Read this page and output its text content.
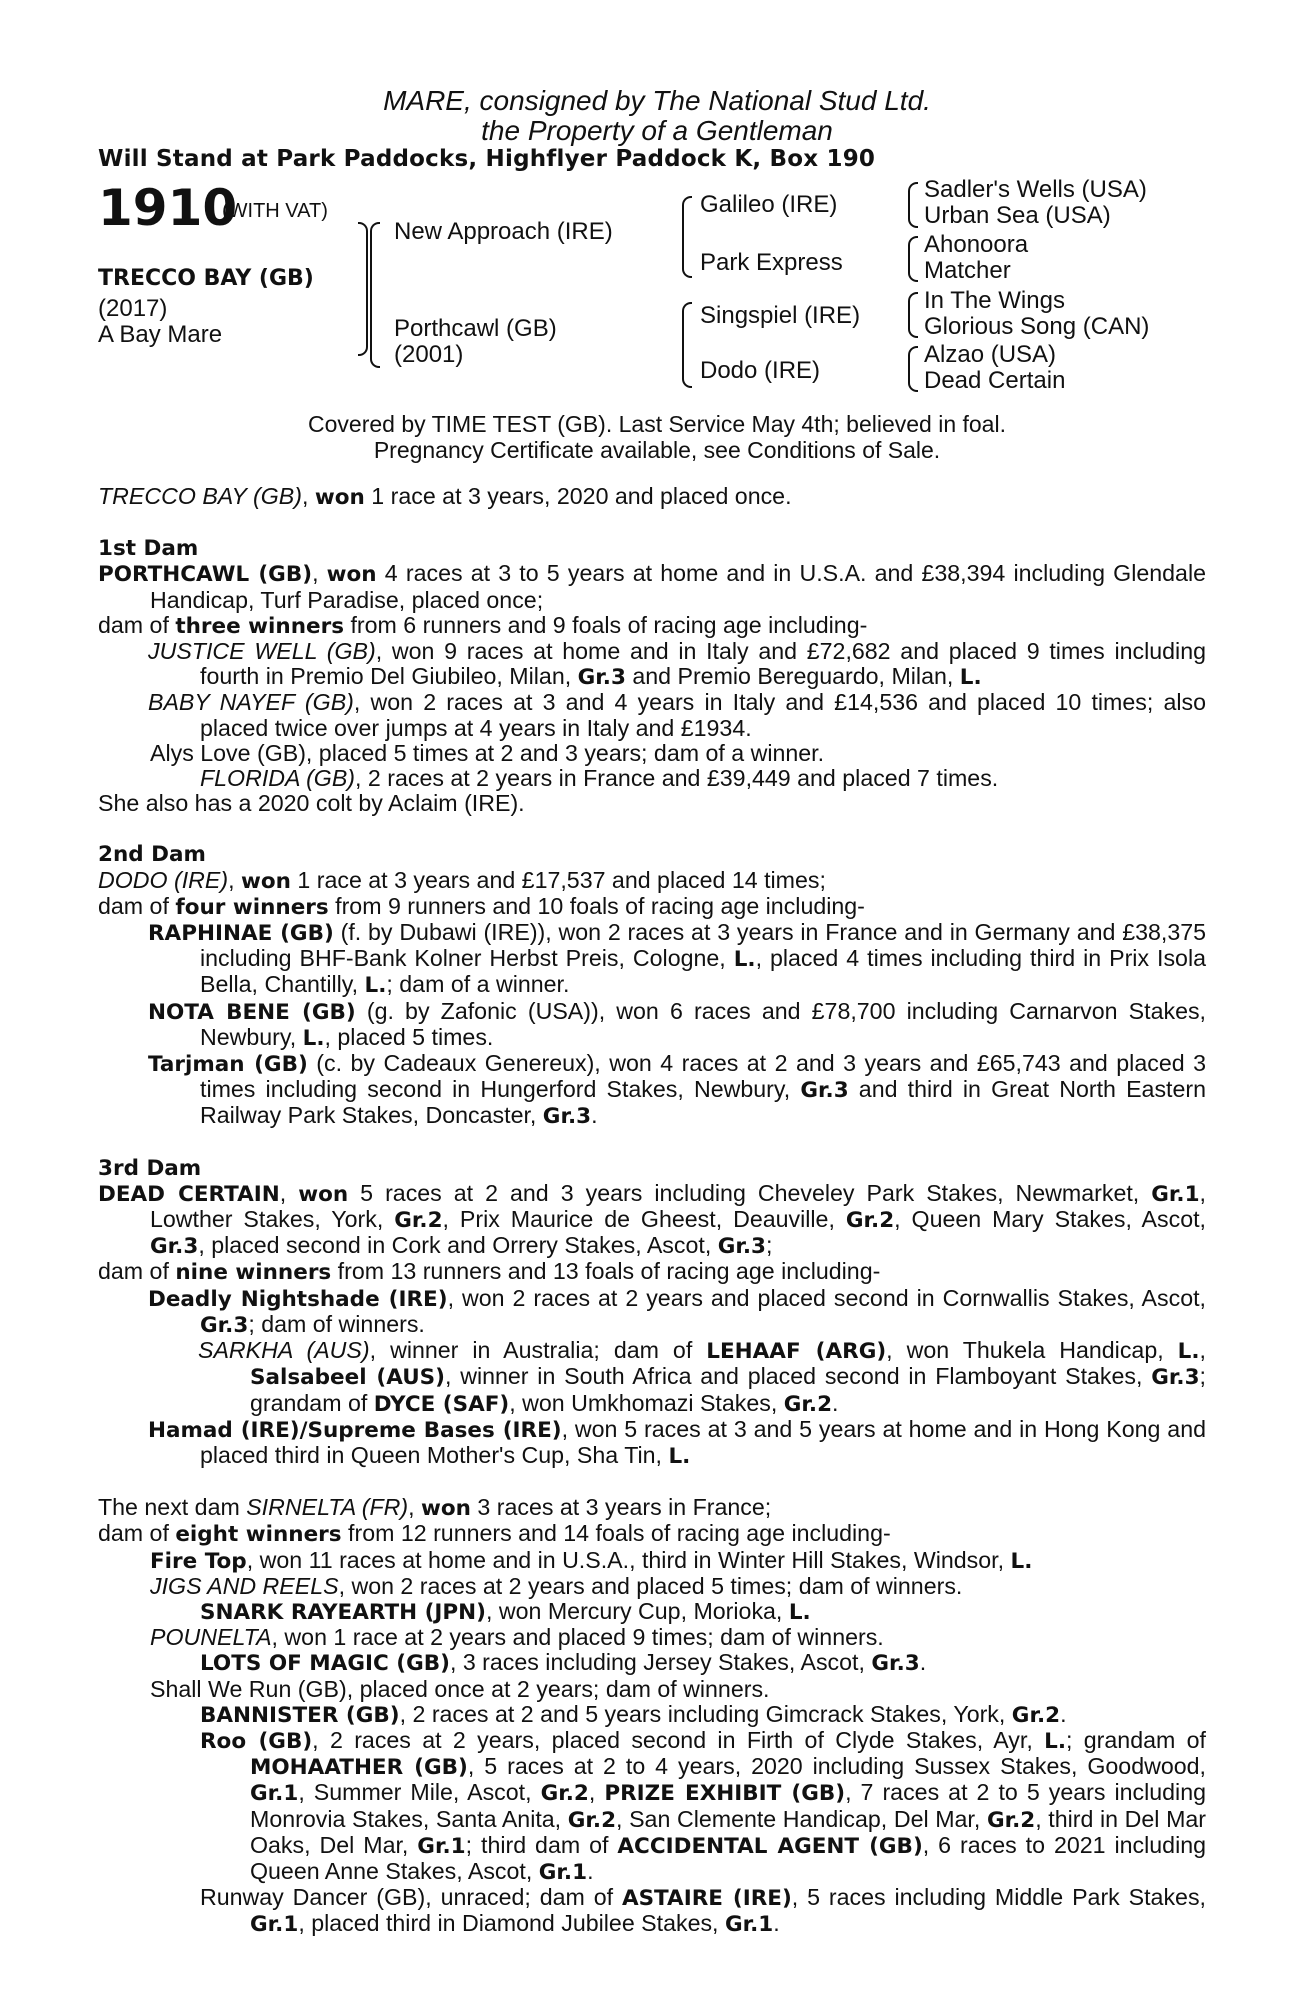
MARE, consigned by The National Stud Ltd.
the Property of a Gentleman
Will Stand at Park Paddocks, Highflyer Paddock K, Box 190
1910
(WITH VAT)
TRECCO BAY (GB)
(2017)
A Bay Mare
New Approach (IRE)
Porthcawl (GB)
(2001)
Galileo (IRE)
Park Express
Singspiel (IRE)
Dodo (IRE)
Sadler's Wells (USA)
Urban Sea (USA)
Ahonoora
Matcher
In The Wings
Glorious Song (CAN)
Alzao (USA)
Dead Certain
Covered by TIME TEST (GB). Last Service May 4th; believed in foal.
Pregnancy Certificate available, see Conditions of Sale.

TRECCO BAY (GB), won 1 race at 3 years, 2020 and placed once.

1st Dam

PORTHCAWL (GB), won 4 races at 3 to 5 years at home and in U.S.A. and £38,394 including Glendale Handicap, Turf Paradise, placed once;

dam of three winners from 6 runners and 9 foals of racing age including-

JUSTICE WELL (GB), won 9 races at home and in Italy and £72,682 and placed 9 times including fourth in Premio Del Giubileo, Milan, Gr.3 and Premio Bereguardo, Milan, L.

BABY NAYEF (GB), won 2 races at 3 and 4 years in Italy and £14,536 and placed 10 times; also placed twice over jumps at 4 years in Italy and £1934.

Alys Love (GB), placed 5 times at 2 and 3 years; dam of a winner.

FLORIDA (GB), 2 races at 2 years in France and £39,449 and placed 7 times.

She also has a 2020 colt by Aclaim (IRE).

2nd Dam

DODO (IRE), won 1 race at 3 years and £17,537 and placed 14 times;

dam of four winners from 9 runners and 10 foals of racing age including-

RAPHINAE (GB) (f. by Dubawi (IRE)), won 2 races at 3 years in France and in Germany and £38,375 including BHF-Bank Kolner Herbst Preis, Cologne, L., placed 4 times including third in Prix Isola Bella, Chantilly, L.; dam of a winner.

NOTA BENE (GB) (g. by Zafonic (USA)), won 6 races and £78,700 including Carnarvon Stakes, Newbury, L., placed 5 times.

Tarjman (GB) (c. by Cadeaux Genereux), won 4 races at 2 and 3 years and £65,743 and placed 3 times including second in Hungerford Stakes, Newbury, Gr.3 and third in Great North Eastern Railway Park Stakes, Doncaster, Gr.3.

3rd Dam

DEAD CERTAIN, won 5 races at 2 and 3 years including Cheveley Park Stakes, Newmarket, Gr.1, Lowther Stakes, York, Gr.2, Prix Maurice de Gheest, Deauville, Gr.2, Queen Mary Stakes, Ascot, Gr.3, placed second in Cork and Orrery Stakes, Ascot, Gr.3;

dam of nine winners from 13 runners and 13 foals of racing age including-

Deadly Nightshade (IRE), won 2 races at 2 years and placed second in Cornwallis Stakes, Ascot, Gr.3; dam of winners.

SARKHA (AUS), winner in Australia; dam of LEHAAF (ARG), won Thukela Handicap, L., Salsabeel (AUS), winner in South Africa and placed second in Flamboyant Stakes, Gr.3; grandam of DYCE (SAF), won Umkhomazi Stakes, Gr.2.

Hamad (IRE)/Supreme Bases (IRE), won 5 races at 3 and 5 years at home and in Hong Kong and placed third in Queen Mother's Cup, Sha Tin, L.

The next dam SIRNELTA (FR), won 3 races at 3 years in France;

dam of eight winners from 12 runners and 14 foals of racing age including-

Fire Top, won 11 races at home and in U.S.A., third in Winter Hill Stakes, Windsor, L.

JIGS AND REELS, won 2 races at 2 years and placed 5 times; dam of winners.

SNARK RAYEARTH (JPN), won Mercury Cup, Morioka, L.

POUNELTA, won 1 race at 2 years and placed 9 times; dam of winners.

LOTS OF MAGIC (GB), 3 races including Jersey Stakes, Ascot, Gr.3.

Shall We Run (GB), placed once at 2 years; dam of winners.

BANNISTER (GB), 2 races at 2 and 5 years including Gimcrack Stakes, York, Gr.2.

Roo (GB), 2 races at 2 years, placed second in Firth of Clyde Stakes, Ayr, L.; grandam of MOHAATHER (GB), 5 races at 2 to 4 years, 2020 including Sussex Stakes, Goodwood, Gr.1, Summer Mile, Ascot, Gr.2, PRIZE EXHIBIT (GB), 7 races at 2 to 5 years including Monrovia Stakes, Santa Anita, Gr.2, San Clemente Handicap, Del Mar, Gr.2, third in Del Mar Oaks, Del Mar, Gr.1; third dam of ACCIDENTAL AGENT (GB), 6 races to 2021 including Queen Anne Stakes, Ascot, Gr.1.

Runway Dancer (GB), unraced; dam of ASTAIRE (IRE), 5 races including Middle Park Stakes, Gr.1, placed third in Diamond Jubilee Stakes, Gr.1.
